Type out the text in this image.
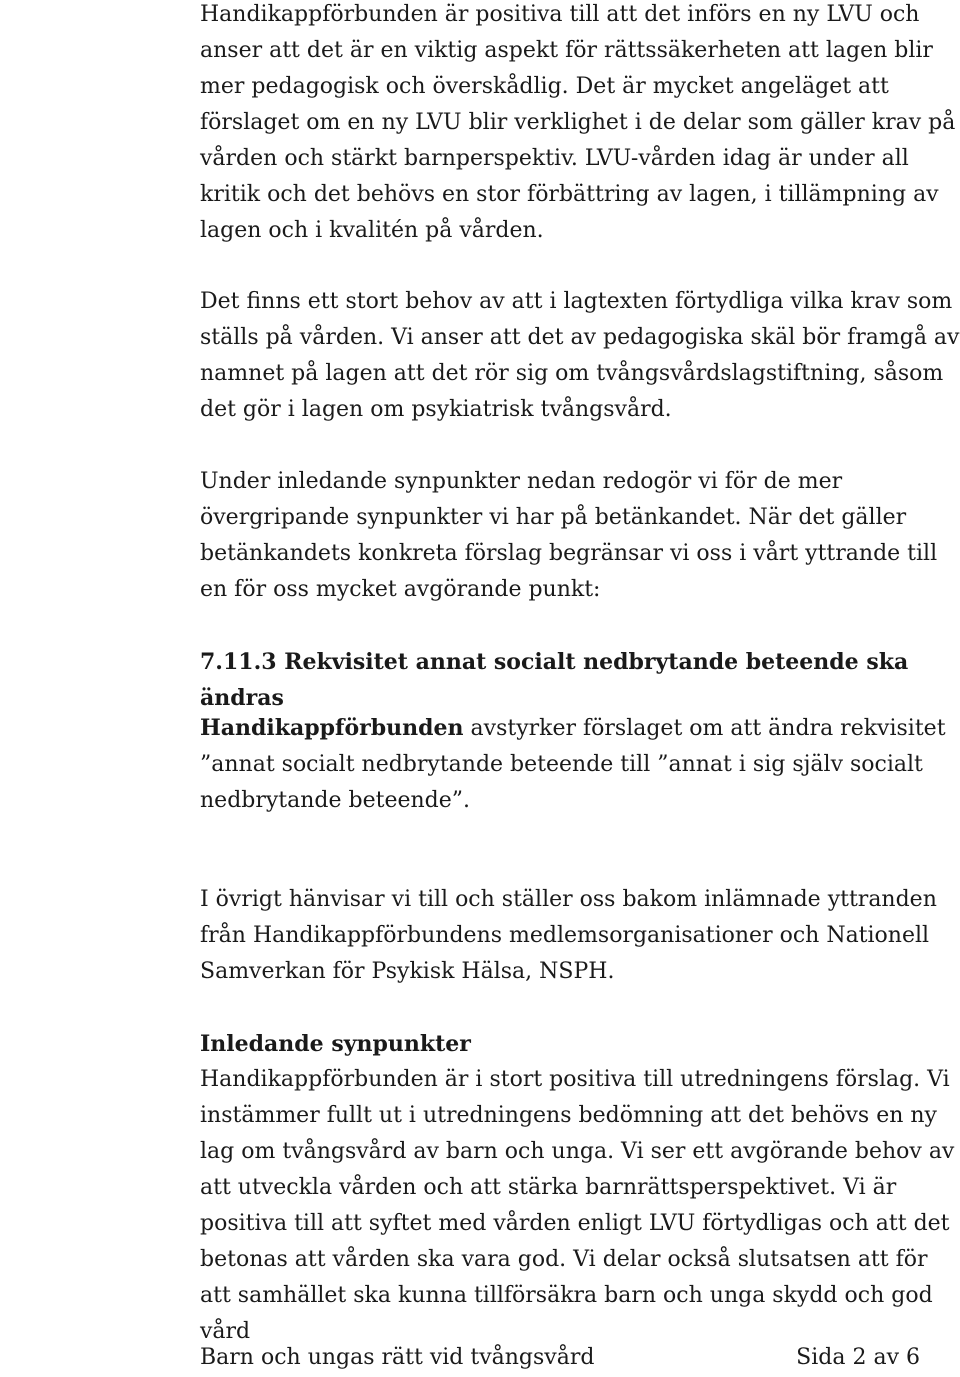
Handikappförbunden är positiva till att det införs en ny LVU och anser att det är en viktig aspekt för rättssäkerheten att lagen blir mer pedagogisk och överskådlig. Det är mycket angeläget att förslaget om en ny LVU blir verklighet i de delar som gäller krav på vården och stärkt barnperspektiv. LVU-vården idag är under all kritik och det behövs en stor förbättring av lagen, i tillämpning av lagen och i kvalitén på vården.

Det finns ett stort behov av att i lagtexten förtydliga vilka krav som ställs på vården. Vi anser att det av pedagogiska skäl bör framgå av namnet på lagen att det rör sig om tvångsvårdslagstiftning, såsom det gör i lagen om psykiatrisk tvångsvård.

Under inledande synpunkter nedan redogör vi för de mer övergripande synpunkter vi har på betänkandet. När det gäller betänkandets konkreta förslag begränsar vi oss i vårt yttrande till en för oss mycket avgörande punkt:

7.11.3 Rekvisitet annat socialt nedbrytande beteende ska ändras

Handikappförbunden avstyrker förslaget om att ändra rekvisitet ”annat socialt nedbrytande beteende till ”annat i sig själv socialt nedbrytande beteende”.

I övrigt hänvisar vi till och ställer oss bakom inlämnade yttranden från Handikappförbundens medlemsorganisationer och Nationell Samverkan för Psykisk Hälsa, NSPH.

Inledande synpunkter

Handikappförbunden är i stort positiva till utredningens förslag. Vi instämmer fullt ut i utredningens bedömning att det behövs en ny lag om tvångsvård av barn och unga. Vi ser ett avgörande behov av att utveckla vården och att stärka barnrättsperspektivet. Vi är positiva till att syftet med vården enligt LVU förtydligas och att det betonas att vården ska vara god. Vi delar också slutsatsen att för att samhället ska kunna tillförsäkra barn och unga skydd och god vård

Barn och ungas rätt vid tvångsvård	Sida 2 av 6
